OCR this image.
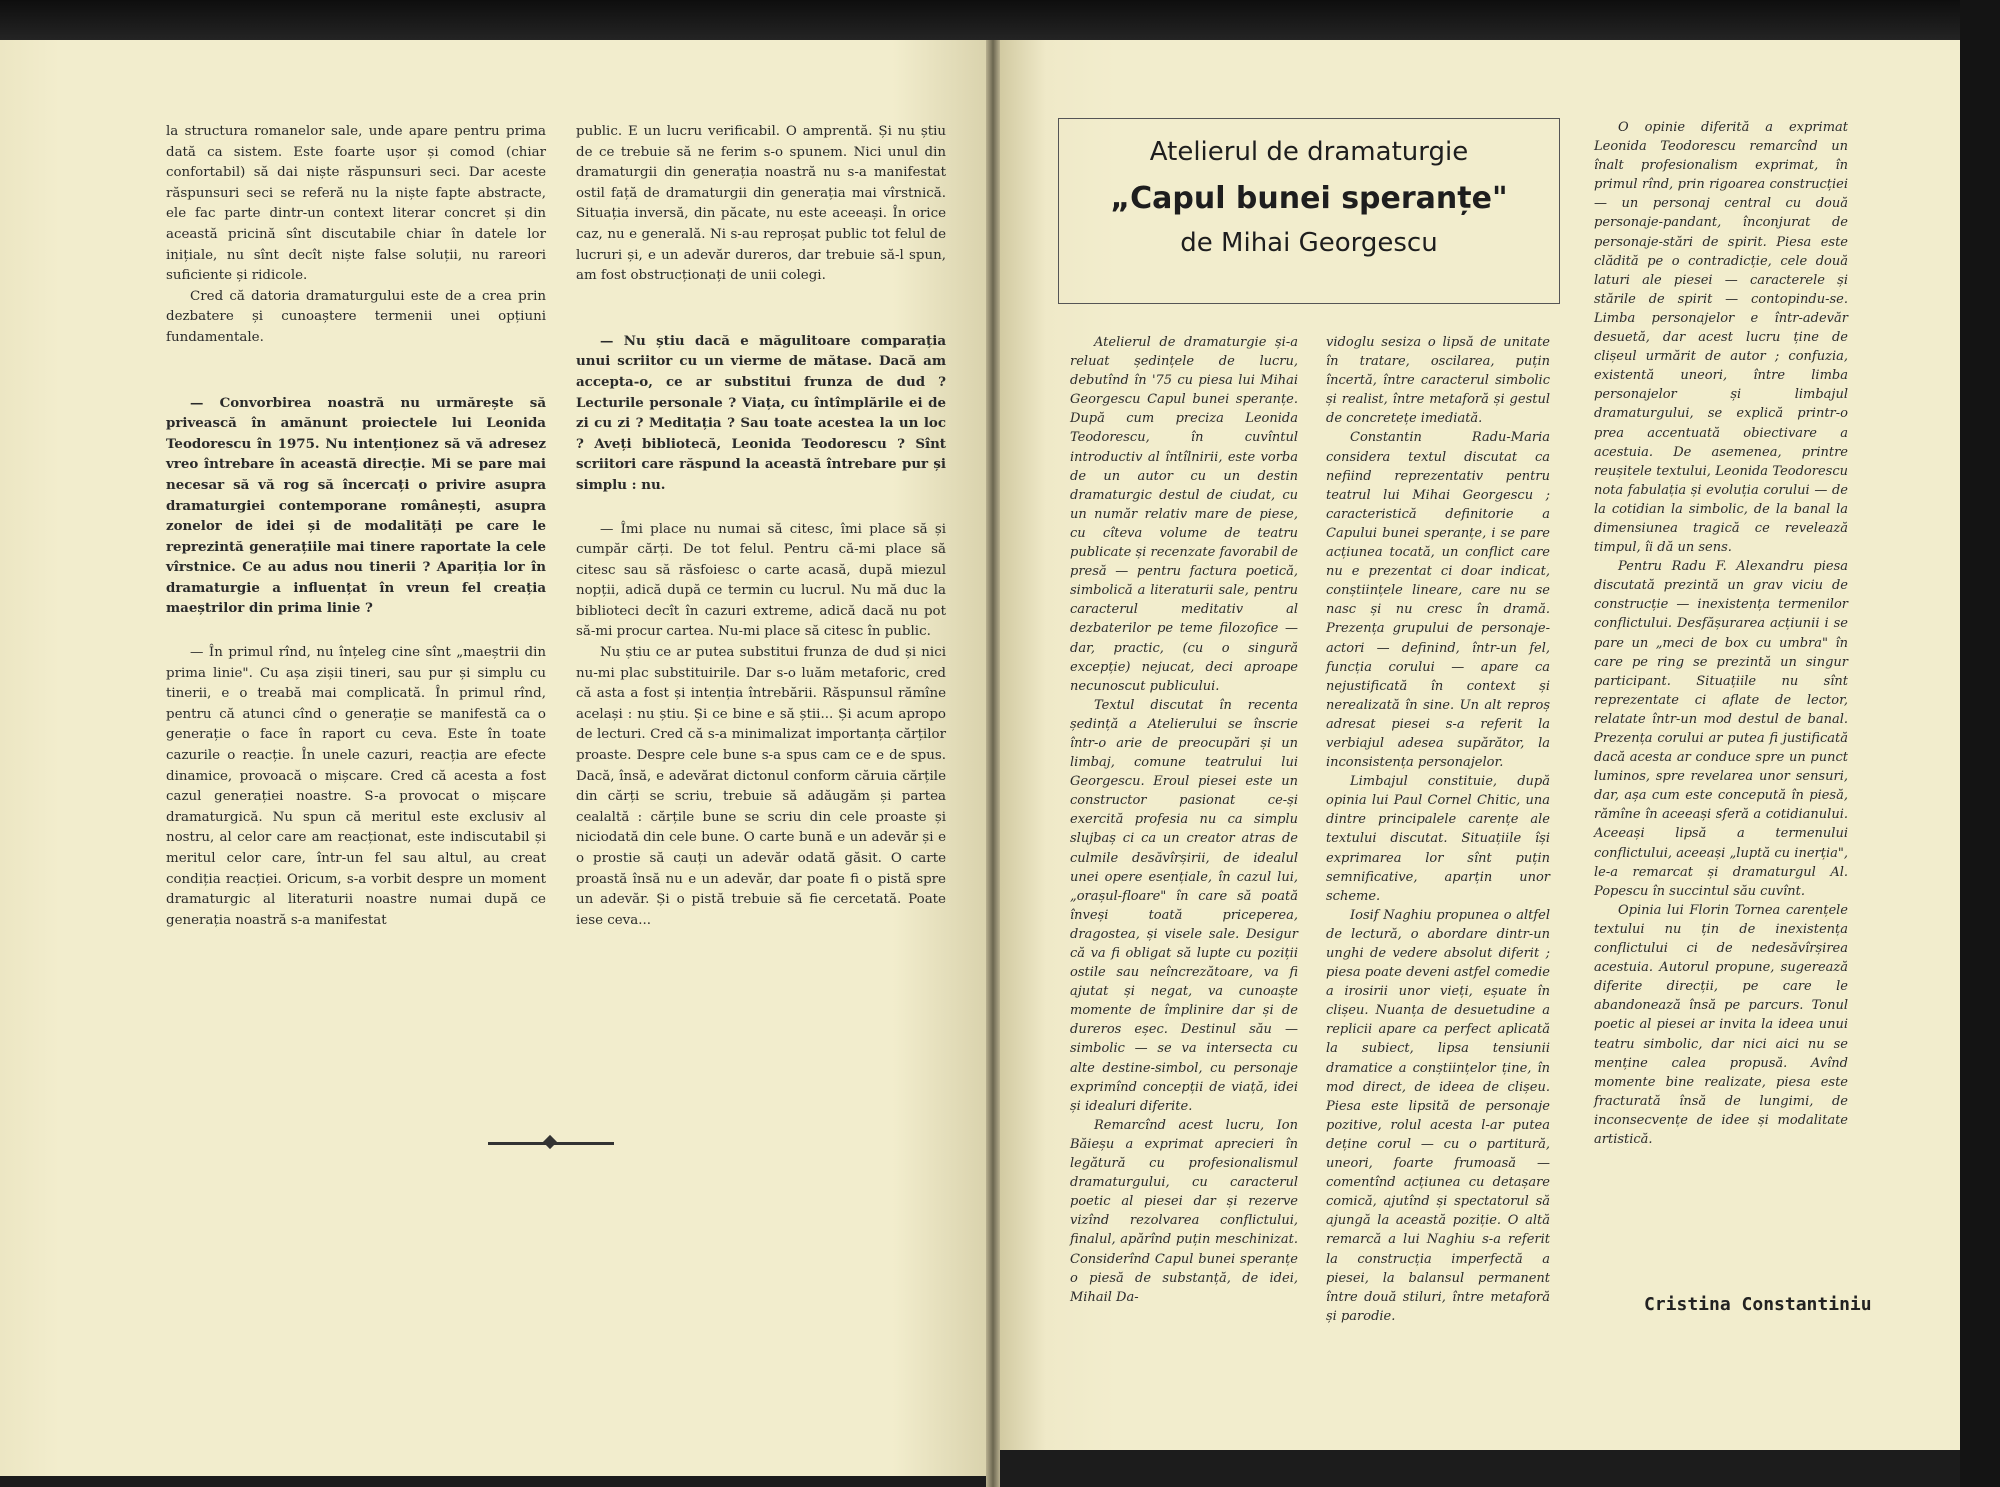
la structura romanelor sale, unde apare pentru prima dată ca sistem. Este foarte ușor și comod (chiar confortabil) să dai niște răspunsuri seci. Dar aceste răspunsuri seci se referă nu la niște fapte abstracte, ele fac parte dintr-un context literar concret și din această pricină sînt discutabile chiar în datele lor inițiale, nu sînt decît niște false soluții, nu rareori suficiente și ridicole.

Cred că datoria dramaturgului este de a crea prin dezbatere și cunoaștere termenii unei opțiuni fundamentale.

— Convorbirea noastră nu urmărește să privească în amănunt proiectele lui Leonida Teodorescu în 1975. Nu intenționez să vă adresez vreo întrebare în această direcție. Mi se pare mai necesar să vă rog să încercați o privire asupra dramaturgiei contemporane românești, asupra zonelor de idei și de modalități pe care le reprezintă generațiile mai tinere raportate la cele vîrstnice. Ce au adus nou tinerii ? Apariția lor în dramaturgie a influențat în vreun fel creația maeștrilor din prima linie ?

— În primul rînd, nu înțeleg cine sînt „maeștrii din prima linie". Cu așa zișii tineri, sau pur și simplu cu tinerii, e o treabă mai complicată. În primul rînd, pentru că atunci cînd o generație se manifestă ca o generație o face în raport cu ceva. Este în toate cazurile o reacție. În unele cazuri, reacția are efecte dinamice, provoacă o mișcare. Cred că acesta a fost cazul generației noastre. S-a provocat o mișcare dramaturgică. Nu spun că meritul este exclusiv al nostru, al celor care am reacționat, este indiscutabil și meritul celor care, într-un fel sau altul, au creat condiția reacției. Oricum, s-a vorbit despre un moment dramaturgic al literaturii noastre numai după ce generația noastră s-a manifestat

public. E un lucru verificabil. O amprentă. Și nu știu de ce trebuie să ne ferim s-o spunem. Nici unul din dramaturgii din generația noastră nu s-a manifestat ostil față de dramaturgii din generația mai vîrstnică. Situația inversă, din păcate, nu este aceeași. În orice caz, nu e generală. Ni s-au reproșat public tot felul de lucruri și, e un adevăr dureros, dar trebuie să-l spun, am fost obstrucționați de unii colegi.

— Nu știu dacă e măgulitoare comparația unui scriitor cu un vierme de mătase. Dacă am accepta-o, ce ar substitui frunza de dud ? Lecturile personale ? Viața, cu întîmplările ei de zi cu zi ? Meditația ? Sau toate acestea la un loc ? Aveți bibliotecă, Leonida Teodorescu ? Sînt scriitori care răspund la această întrebare pur și simplu : nu.

— Îmi place nu numai să citesc, îmi place să și cumpăr cărți. De tot felul. Pentru că-mi place să citesc sau să răsfoiesc o carte acasă, după miezul nopții, adică după ce termin cu lucrul. Nu mă duc la biblioteci decît în cazuri extreme, adică dacă nu pot să-mi procur cartea. Nu-mi place să citesc în public.

Nu știu ce ar putea substitui frunza de dud și nici nu-mi plac substituirile. Dar s-o luăm metaforic, cred că asta a fost și intenția întrebării. Răspunsul rămîne același : nu știu. Și ce bine e să știi... Și acum apropo de lecturi. Cred că s-a minimalizat importanța cărților proaste. Despre cele bune s-a spus cam ce e de spus. Dacă, însă, e adevărat dictonul conform căruia cărțile din cărți se scriu, trebuie să adăugăm și partea cealaltă : cărțile bune se scriu din cele proaste și niciodată din cele bune. O carte bună e un adevăr și e o prostie să cauți un adevăr odată găsit. O carte proastă însă nu e un adevăr, dar poate fi o pistă spre un adevăr. Și o pistă trebuie să fie cercetată. Poate iese ceva...

Atelierul de dramaturgie
„Capul bunei speranțe"
de Mihai Georgescu

Atelierul de dramaturgie și-a reluat ședințele de lucru, debutînd în '75 cu piesa lui Mihai Georgescu Capul bunei speranțe. După cum preciza Leonida Teodorescu, în cuvîntul introductiv al întîlnirii, este vorba de un autor cu un destin dramaturgic destul de ciudat, cu un număr relativ mare de piese, cu cîteva volume de teatru publicate și recenzate favorabil de presă — pentru factura poetică, simbolică a literaturii sale, pentru caracterul meditativ al dezbaterilor pe teme filozofice — dar, practic, (cu o singură excepție) nejucat, deci aproape necunoscut publicului.

Textul discutat în recenta ședință a Atelierului se înscrie într-o arie de preocupări și un limbaj, comune teatrului lui Georgescu. Eroul piesei este un constructor pasionat ce-și exercită profesia nu ca simplu slujbaș ci ca un creator atras de culmile desăvîrșirii, de idealul unei opere esențiale, în cazul lui, „orașul-floare" în care să poată înveși toată priceperea, dragostea, și visele sale. Desigur că va fi obligat să lupte cu poziții ostile sau neîncrezătoare, va fi ajutat și negat, va cunoaște momente de împlinire dar și de dureros eșec. Destinul său — simbolic — se va intersecta cu alte destine-simbol, cu personaje exprimînd concepții de viață, idei și idealuri diferite.

Remarcînd acest lucru, Ion Băieșu a exprimat aprecieri în legătură cu profesionalismul dramaturgului, cu caracterul poetic al piesei dar și rezerve vizînd rezolvarea conflictului, finalul, apărînd puțin meschinizat. Considerînd Capul bunei speranțe o piesă de substanță, de idei, Mihail Da-

vidoglu sesiza o lipsă de unitate în tratare, oscilarea, puțin încertă, între caracterul simbolic și realist, între metaforă și gestul de concretețe imediată.

Constantin Radu-Maria considera textul discutat ca nefiind reprezentativ pentru teatrul lui Mihai Georgescu ; caracteristică definitorie a Capului bunei speranțe, i se pare acțiunea tocată, un conflict care nu e prezentat ci doar indicat, conștiințele lineare, care nu se nasc și nu cresc în dramă. Prezența grupului de personaje-actori — definind, într-un fel, funcția corului — apare ca nejustificată în context și nerealizată în sine. Un alt reproș adresat piesei s-a referit la verbiajul adesea supărător, la inconsistența personajelor.

Limbajul constituie, după opinia lui Paul Cornel Chitic, una dintre principalele carențe ale textului discutat. Situațiile își exprimarea lor sînt puțin semnificative, aparțin unor scheme.

Iosif Naghiu propunea o altfel de lectură, o abordare dintr-un unghi de vedere absolut diferit ; piesa poate deveni astfel comedie a irosirii unor vieți, eșuate în clișeu. Nuanța de desuetudine a replicii apare ca perfect aplicată la subiect, lipsa tensiunii dramatice a conștiințelor ține, în mod direct, de ideea de clișeu. Piesa este lipsită de personaje pozitive, rolul acesta l-ar putea deține corul — cu o partitură, uneori, foarte frumoasă — comentînd acțiunea cu detașare comică, ajutînd și spectatorul să ajungă la această poziție. O altă remarcă a lui Naghiu s-a referit la construcția imperfectă a piesei, la balansul permanent între două stiluri, între metaforă și parodie.

O opinie diferită a exprimat Leonida Teodorescu remarcînd un înalt profesionalism exprimat, în primul rînd, prin rigoarea construcției — un personaj central cu două personaje-pandant, înconjurat de personaje-stări de spirit. Piesa este clădită pe o contradicție, cele două laturi ale piesei — caracterele și stările de spirit — contopindu-se. Limba personajelor e într-adevăr desuetă, dar acest lucru ține de clișeul urmărit de autor ; confuzia, existentă uneori, între limba personajelor și limbajul dramaturgului, se explică printr-o prea accentuată obiectivare a acestuia. De asemenea, printre reușitele textului, Leonida Teodorescu nota fabulația și evoluția corului — de la cotidian la simbolic, de la banal la dimensiunea tragică ce revelează timpul, îi dă un sens.

Pentru Radu F. Alexandru piesa discutată prezintă un grav viciu de construcție — inexistența termenilor conflictului. Desfășurarea acțiunii i se pare un „meci de box cu umbra" în care pe ring se prezintă un singur participant. Situațiile nu sînt reprezentate ci aflate de lector, relatate într-un mod destul de banal. Prezența corului ar putea fi justificată dacă acesta ar conduce spre un punct luminos, spre revelarea unor sensuri, dar, așa cum este concepută în piesă, rămîne în aceeași sferă a cotidianului. Aceeași lipsă a termenului conflictului, aceeași „luptă cu inerția", le-a remarcat și dramaturgul Al. Popescu în succintul său cuvînt.

Opinia lui Florin Tornea carențele textului nu țin de inexistența conflictului ci de nedesăvîrșirea acestuia. Autorul propune, sugerează diferite direcții, pe care le abandonează însă pe parcurs. Tonul poetic al piesei ar invita la ideea unui teatru simbolic, dar nici aici nu se menține calea propusă. Avînd momente bine realizate, piesa este fracturată însă de lungimi, de inconsecvențe de idee și modalitate artistică.

Cristina Constantiniu
